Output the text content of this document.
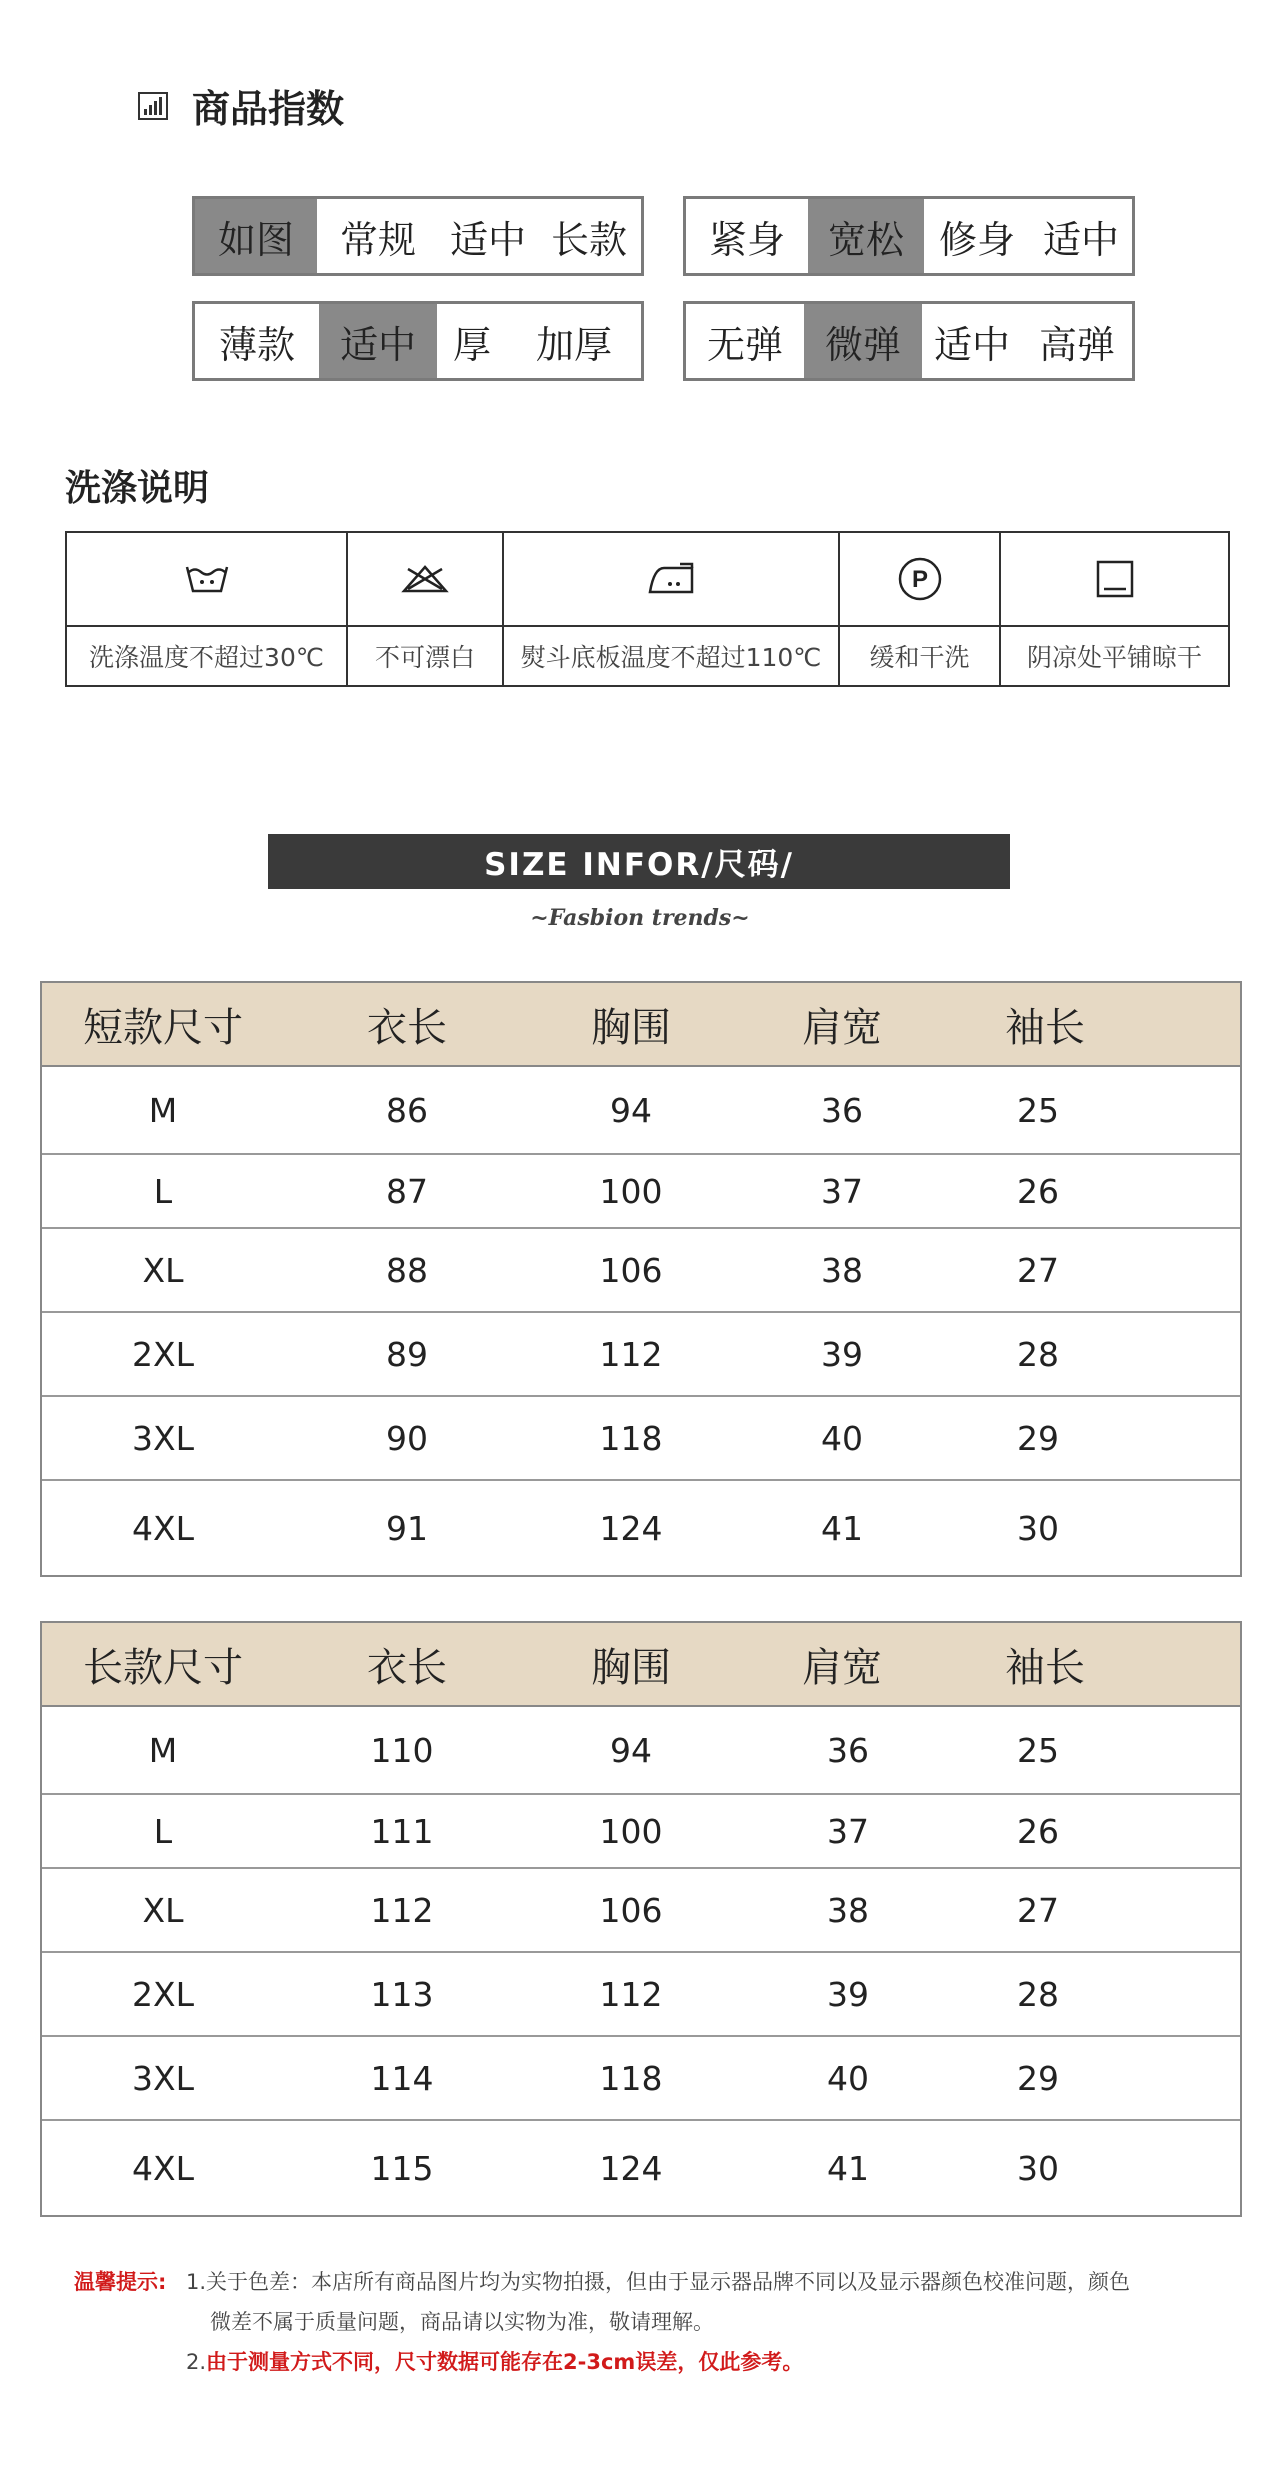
商品指数
如图	常规 适中 长款	紧身	宽松 修身 适中
薄款	适中 厚	加厚	无弹	微弹 适中 高弹
洗涤说明
洗涤温度不超过30℃	不可漂白	熨斗底板温度不超过110℃
P
缓和干洗	阴凉处平铺晾干
SIZE INFOR/尺码/
~Fasbion trends~
短款尺寸	衣长	胸围	肩宽	袖长
M	86	94	36	25
L	87	100	37	26
XL	88	106	38	27
2XL	89	112	39	28
3XL	90	118	40	29
4XL	91	124	41	30
长款尺寸	衣长	胸围	肩宽	袖长
M	110	94	36	25
L	111	100	37	26
XL	112	106	38	27
2XL	113	112	39	28
3XL	114	118	40	29
4XL	115	124	41	30
温馨提示: 1.关于色差：本店所有商品图片均为实物拍摄，但由于显示器品牌不同以及显示器颜色校准问题，颜色
微差不属于质量问题，商品请以实物为准，敬请理解。
2.由于测量方式不同，尺寸数据可能存在2-3cm误差，仅此参考。
